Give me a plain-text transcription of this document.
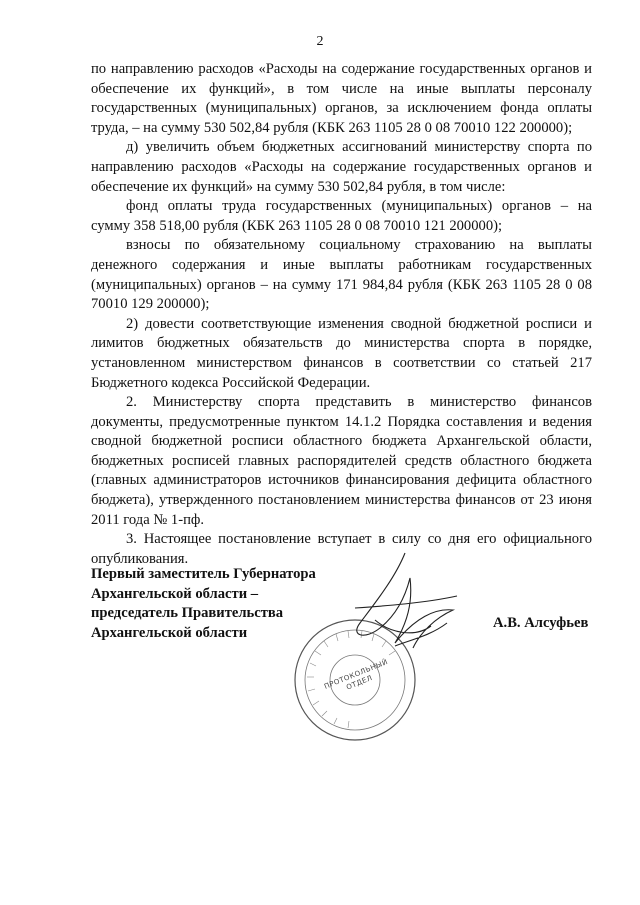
2

по направлению расходов «Расходы на содержание государственных органов и обеспечение их функций», в том числе на иные выплаты персоналу государственных (муниципальных) органов, за исключением фонда оплаты труда, – на сумму 530 502,84 рубля (КБК 263 1105 28 0 08 70010 122 200000);

д) увеличить объем бюджетных ассигнований министерству спорта по направлению расходов «Расходы на содержание государственных органов и обеспечение их функций» на сумму 530 502,84 рубля, в том числе:

фонд оплаты труда государственных (муниципальных) органов – на сумму 358 518,00 рубля (КБК 263 1105 28 0 08 70010 121 200000);

взносы по обязательному социальному страхованию на выплаты денежного содержания и иные выплаты работникам государственных (муниципальных) органов – на сумму 171 984,84 рубля (КБК 263 1105 28 0 08 70010 129 200000);

2) довести соответствующие изменения сводной бюджетной росписи и лимитов бюджетных обязательств до министерства спорта в порядке, установленном министерством финансов в соответствии со статьей 217 Бюджетного кодекса Российской Федерации.

2. Министерству спорта представить в министерство финансов документы, предусмотренные пунктом 14.1.2 Порядка составления и ведения сводной бюджетной росписи областного бюджета Архангельской области, бюджетных росписей главных распорядителей средств областного бюджета (главных администраторов источников финансирования дефицита областного бюджета), утвержденного постановлением министерства финансов от 23 июня 2011 года № 1-пф.

3. Настоящее постановление вступает в силу со дня его официального опубликования.

Первый заместитель Губернатора
Архангельской области –
председатель Правительства
Архангельской области
А.В. Алсуфьев
ПРОТОКОЛЬНЫЙ ОТДЕЛ
